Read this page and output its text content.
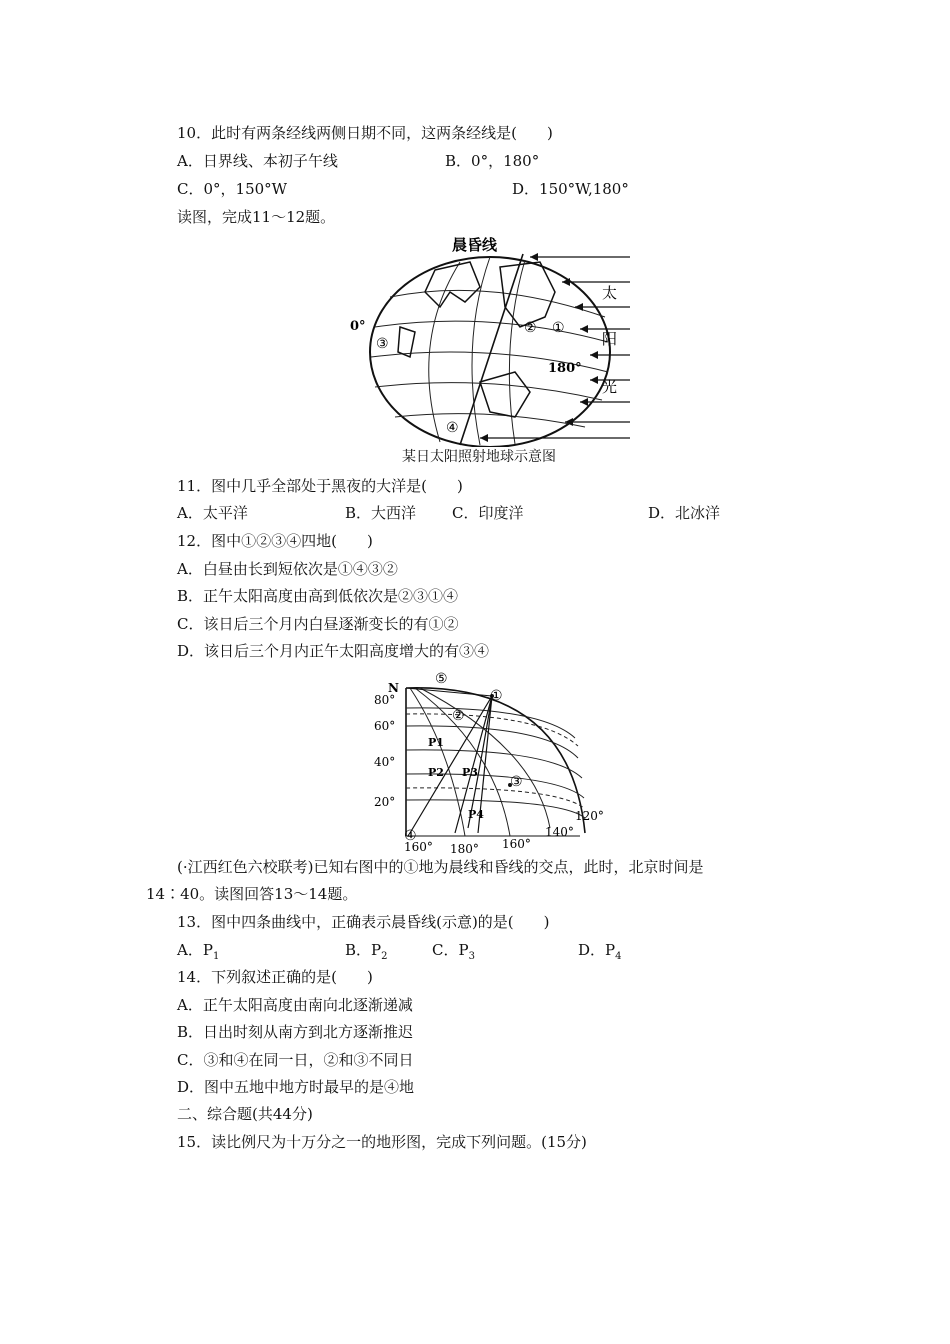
10．此时有两条经线两侧日期不同，这两条经线是(　　)
A．日界线、本初子午线	B．0°，180°
C．0°，150°W	D．150°W,180°
读图，完成11～12题。
晨昏线
太
阳
光
0°
180°
①
②
③
④
某日太阳照射地球示意图
11．图中几乎全部处于黑夜的大洋是(　　)
A．太平洋	B．大西洋 C．印度洋	D．北冰洋
12．图中①②③④四地(　　)
A．白昼由长到短依次是①④③②
B．正午太阳高度由高到低依次是②③①④
C．该日后三个月内白昼逐渐变长的有①②
D．该日后三个月内正午太阳高度增大的有③④
N
80°
60°
40°
20°
160° 180° 160°
140°
120°
①
②
③
④
⑤
P1
P2 P3
P4
(·江西红色六校联考)已知右图中的①地为晨线和昏线的交点，此时，北京时间是
14∶40。读图回答13～14题。
13．图中四条曲线中，正确表示晨昏线(示意)的是(　　)
A．$P_1$	B．$P_2$	C．$P_3$	D．$P_4$
14．下列叙述正确的是(　　)
A．正午太阳高度由南向北逐渐递减
B．日出时刻从南方到北方逐渐推迟
C．③和④在同一日，②和③不同日
D．图中五地中地方时最早的是④地
二、综合题(共44分)
15．读比例尺为十万分之一的地形图，完成下列问题。(15分)
